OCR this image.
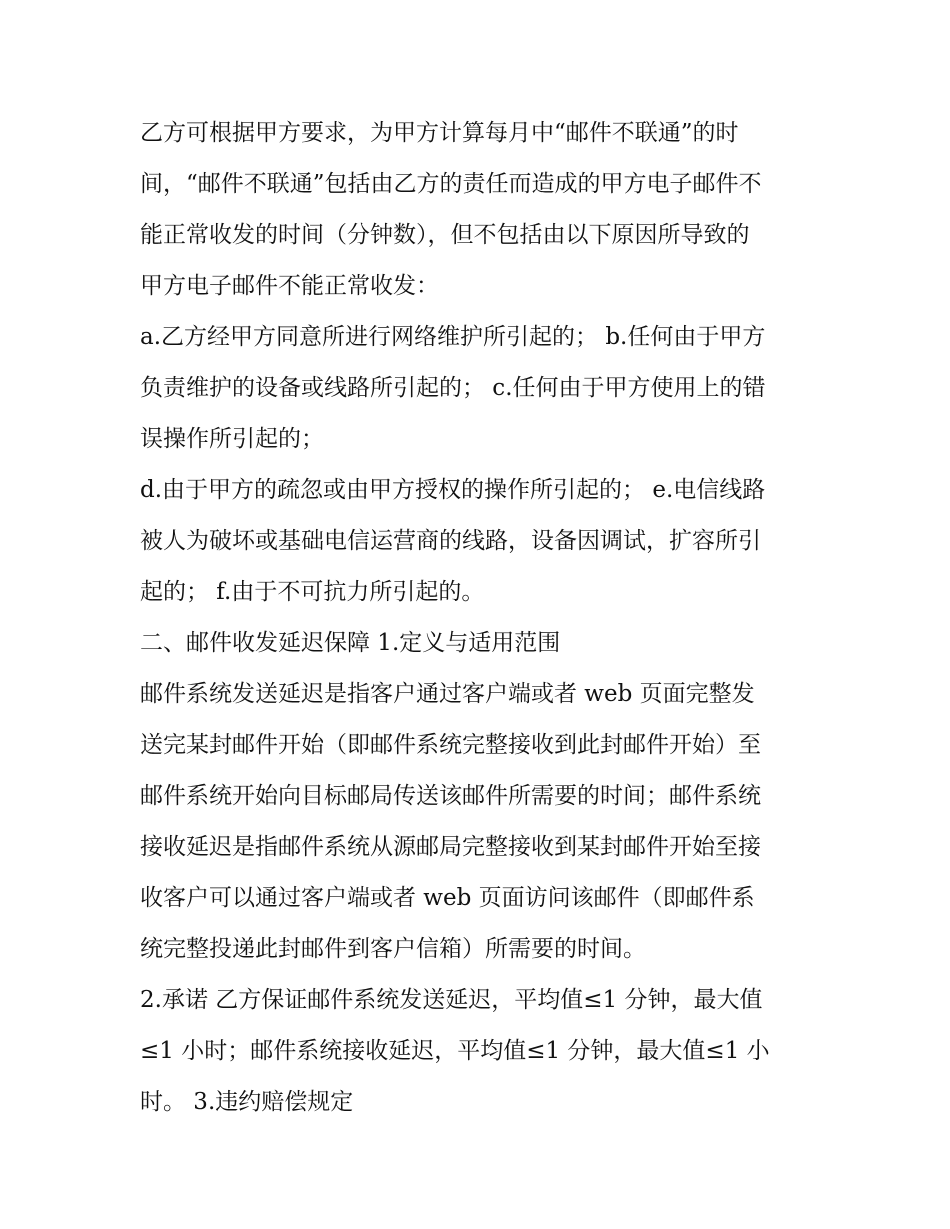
乙方可根据甲方要求，为甲方计算每月中“邮件不联通”的时
间，“邮件不联通”包括由乙方的责任而造成的甲方电子邮件不
能正常收发的时间（分钟数），但不包括由以下原因所导致的
甲方电子邮件不能正常收发：
a.乙方经甲方同意所进行网络维护所引起的； b.任何由于甲方
负责维护的设备或线路所引起的； c.任何由于甲方使用上的错
误操作所引起的；
d.由于甲方的疏忽或由甲方授权的操作所引起的； e.电信线路
被人为破坏或基础电信运营商的线路，设备因调试，扩容所引
起的； f.由于不可抗力所引起的。
二、邮件收发延迟保障 1.定义与适用范围
邮件系统发送延迟是指客户通过客户端或者 web 页面完整发
送完某封邮件开始（即邮件系统完整接收到此封邮件开始）至
邮件系统开始向目标邮局传送该邮件所需要的时间；邮件系统
接收延迟是指邮件系统从源邮局完整接收到某封邮件开始至接
收客户可以通过客户端或者 web 页面访问该邮件（即邮件系
统完整投递此封邮件到客户信箱）所需要的时间。
2.承诺 乙方保证邮件系统发送延迟，平均值≤1 分钟，最大值
≤1 小时；邮件系统接收延迟，平均值≤1 分钟，最大值≤1 小
时。 3.违约赔偿规定
